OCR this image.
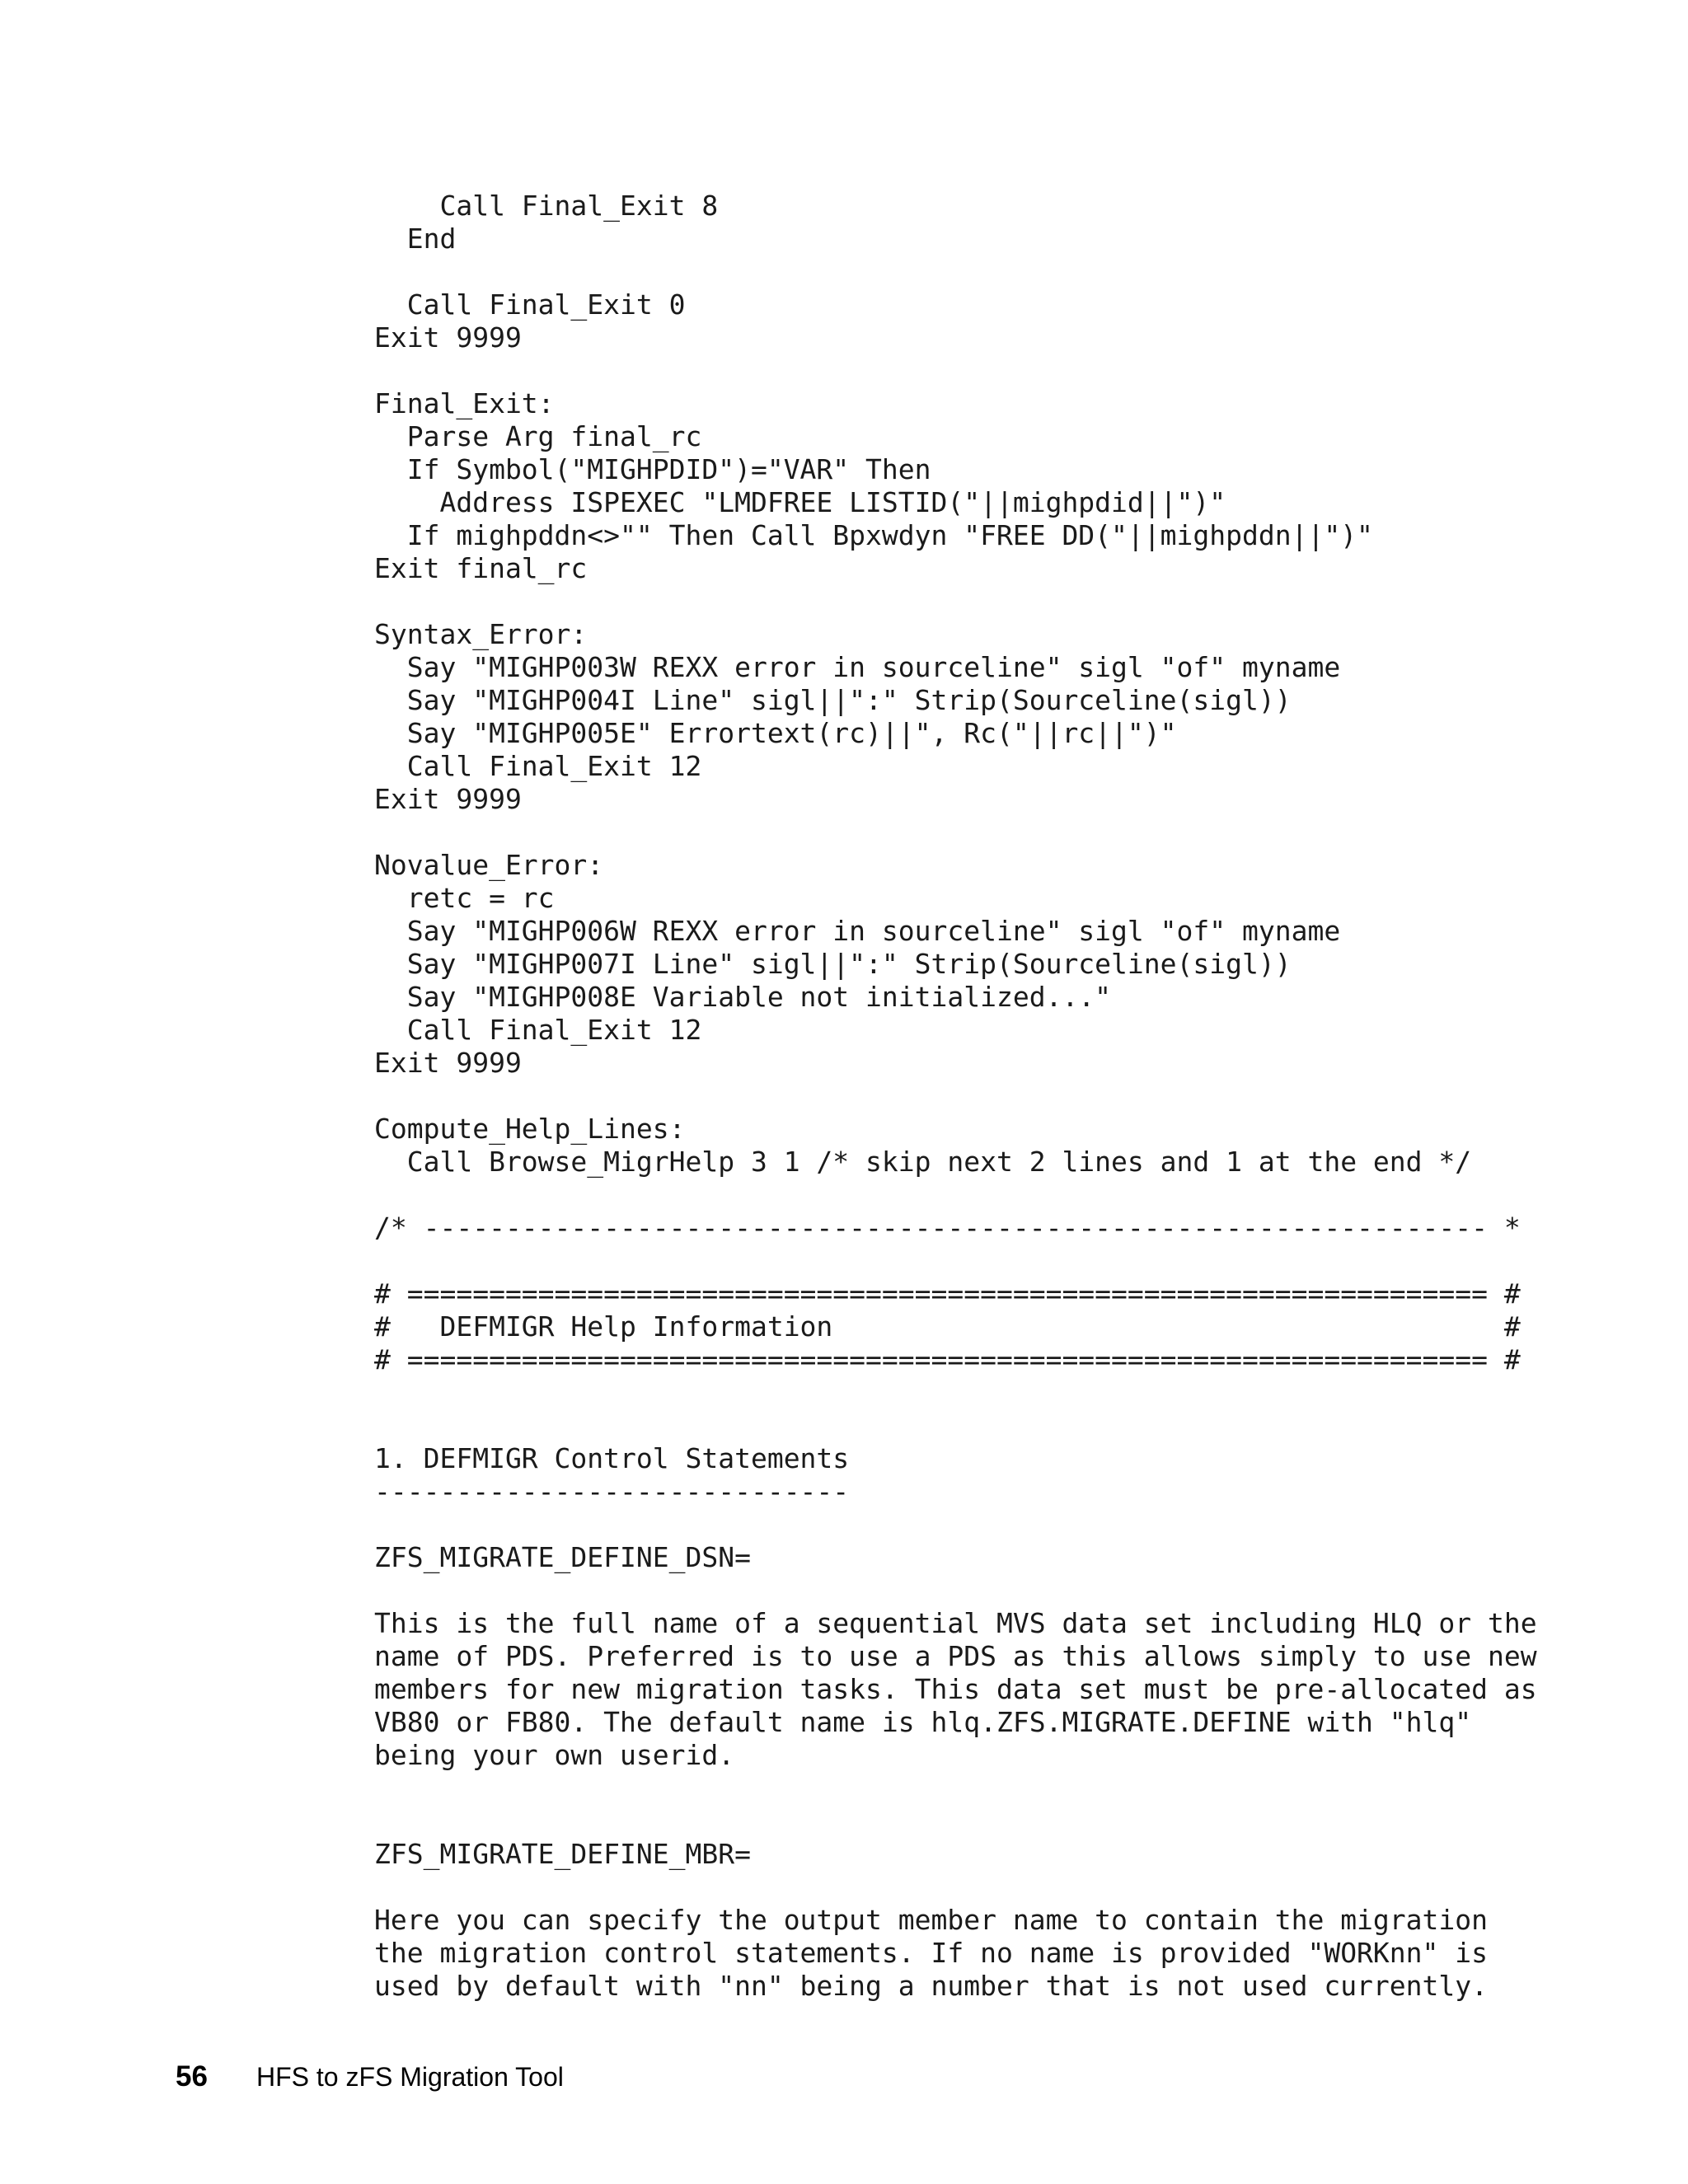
Call Final_Exit 8
End
Call Final_Exit 0
Exit 9999
Final_Exit:
Parse Arg final_rc
If Symbol("MIGHPDID")="VAR" Then
Address ISPEXEC "LMDFREE LISTID("||mighpdid||")"
If mighpddn<>"" Then Call Bpxwdyn "FREE DD("||mighpddn||")"
Exit final_rc
Syntax_Error:
Say "MIGHP003W REXX error in sourceline" sigl "of" myname
Say "MIGHP004I Line" sigl||":" Strip(Sourceline(sigl))
Say "MIGHP005E" Errortext(rc)||", Rc("||rc||")"
Call Final_Exit 12
Exit 9999
Novalue_Error:
retc = rc
Say "MIGHP006W REXX error in sourceline" sigl "of" myname
Say "MIGHP007I Line" sigl||":" Strip(Sourceline(sigl))
Say "MIGHP008E Variable not initialized..."
Call Final_Exit 12
Exit 9999
Compute_Help_Lines:
Call Browse_MigrHelp 3 1 /* skip next 2 lines and 1 at the end */
/* ----------------------------------------------------------------- *
# ================================================================== #
#   DEFMIGR Help Information                                         #
# ================================================================== #
1. DEFMIGR Control Statements
-----------------------------
ZFS_MIGRATE_DEFINE_DSN=
This is the full name of a sequential MVS data set including HLQ or the
name of PDS. Preferred is to use a PDS as this allows simply to use new
members for new migration tasks. This data set must be pre-allocated as
VB80 or FB80. The default name is hlq.ZFS.MIGRATE.DEFINE with "hlq"
being your own userid.
ZFS_MIGRATE_DEFINE_MBR=
Here you can specify the output member name to contain the migration
the migration control statements. If no name is provided "WORKnn" is
used by default with "nn" being a number that is not used currently.
56	HFS to zFS Migration Tool
